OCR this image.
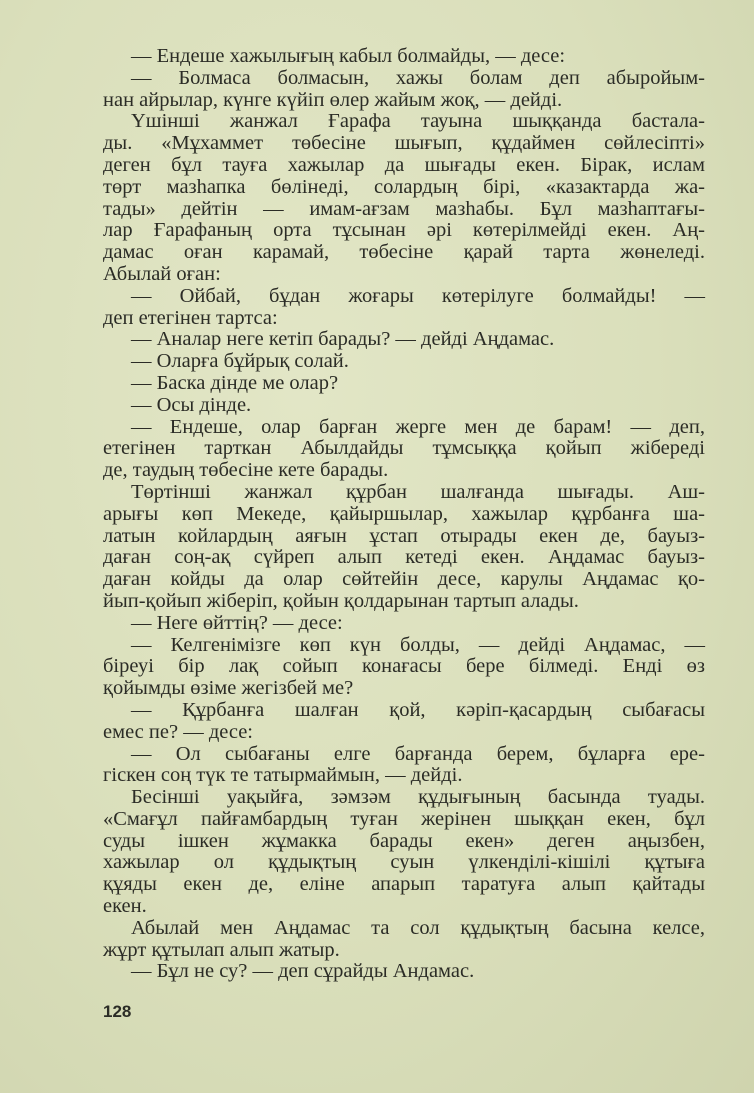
— Ендеше хажылығың кабыл болмайды, — десе:
— Болмаса болмасын, хажы болам деп абыройым-
нан айрылар, күнге күйіп өлер жайым жоқ, — дейді.
Үшінші жанжал Ғарафа тауына шыққанда бастала-
ды. «Мұхаммет төбесіне шығып, құдаймен сөйлесіпті»
деген бұл тауға хажылар да шығады екен. Бірак, ислам
төрт мазһапка бөлінеді, солардың бірі, «казактарда жа-
тады» дейтін — имам-ағзам мазһабы. Бұл мазһаптағы-
лар Ғарафаның орта тұсынан әрі көтерілмейді екен. Аң-
дамас оған карамай, төбесіне қарай тарта жөнеледі.
Абылай оған:
— Ойбай, бұдан жоғары көтерілуге болмайды! —
деп етегінен тартса:
— Аналар неге кетіп барады? — дейді Аңдамас.
— Оларға бұйрық солай.
— Баска дінде ме олар?
— Осы дінде.
— Ендеше, олар барған жерге мен де барам! — деп,
етегінен тарткан Абылдайды тұмсыққа қойып жібереді
де, таудың төбесіне кете барады.
Төртінші жанжал құрбан шалғанда шығады. Аш-
арығы көп Мекеде, қайыршылар, хажылар құрбанға ша-
латын койлардың аяғын ұстап отырады екен де, бауыз-
даған соң-ақ сүйреп алып кетеді екен. Аңдамас бауыз-
даған койды да олар сөйтейін десе, карулы Аңдамас қо-
йып-қойып жіберіп, қойын қолдарынан тартып алады.
— Неге өйттің? — десе:
— Келгенімізге көп күн болды, — дейді Аңдамас, —
біреуі бір лақ сойып конағасы бере білмеді. Енді өз
қойымды өзіме жегізбей ме?
— Құрбанға шалған қой, кәріп-қасардың сыбағасы
емес пе? — десе:
— Ол сыбағаны елге барғанда берем, бұларға ере-
гіскен соң түк те татырмаймын, — дейді.
Бесінші уақыйға, зәмзәм құдығының басында туады.
«Смағұл пайғамбардың туған жерінен шыққан екен, бұл
суды ішкен жұмакка барады екен» деген аңызбен,
хажылар ол құдықтың суын үлкенділі-кішілі құтыға
құяды екен де, еліне апарып таратуға алып қайтады
екен.
Абылай мен Аңдамас та сол құдықтың басына келсе,
жұрт құтылап алып жатыр.
— Бұл не су? — деп сұрайды Андамас.
128
